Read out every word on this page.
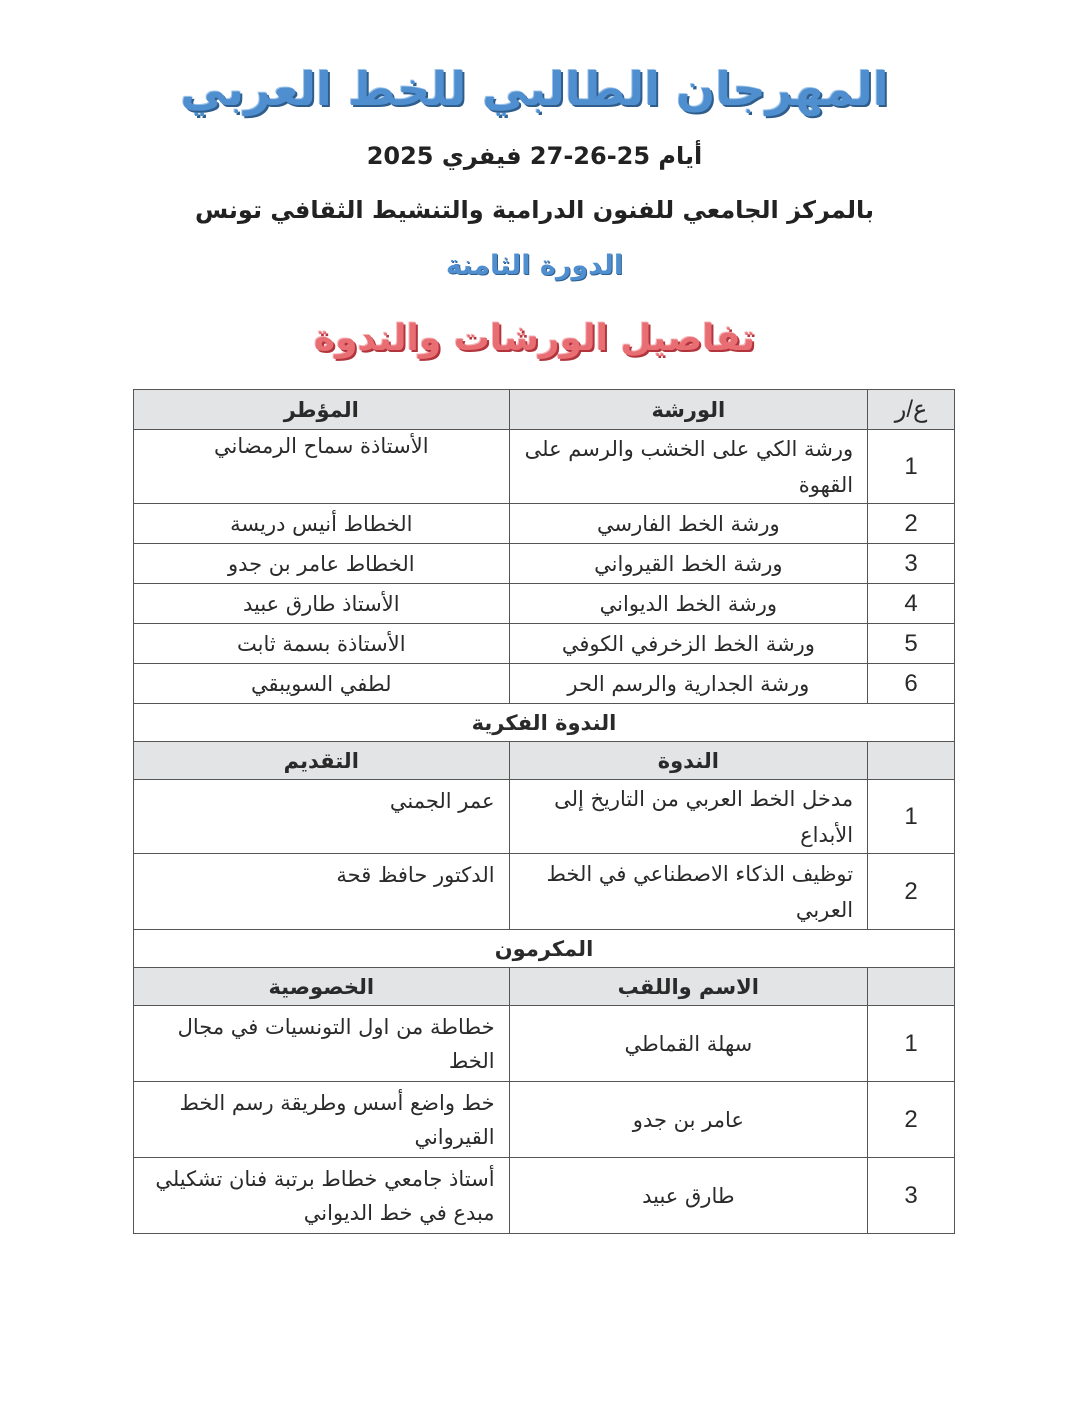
المهرجان الطالبي للخط العربي
أيام 25-26-27 فيفري 2025
بالمركز الجامعي للفنون الدرامية والتنشيط الثقافي تونس
الدورة الثامنة
تفاصيل الورشات والندوة
ع/ر	الورشة	المؤطر
1	ورشة الكي على الخشب والرسم على القهوة	الأستاذة سماح الرمضاني
2	ورشة الخط الفارسي	الخطاط أنيس دريسة
3	ورشة الخط القيرواني	الخطاط عامر بن جدو
4	ورشة الخط الديواني	الأستاذ طارق عبيد
5	ورشة الخط الزخرفي الكوفي	الأستاذة بسمة ثابت
6	ورشة الجدارية والرسم الحر	لطفي السويبقي
الندوة الفكرية		
	الندوة	التقديم
1	مدخل الخط العربي من التاريخ إلى الأبداع	عمر الجمني
2	توظيف الذكاء الاصطناعي في الخط العربي	الدكتور حافظ قحة
المكرمون		
	الاسم واللقب	الخصوصية
1	سهلة القماطي	خطاطة من اول التونسيات في مجال الخط
2	عامر بن جدو	خط واضع أسس وطريقة رسم الخط القيرواني
3	طارق عبيد	أستاذ جامعي خطاط برتبة فنان تشكيلي مبدع في خط الديواني
